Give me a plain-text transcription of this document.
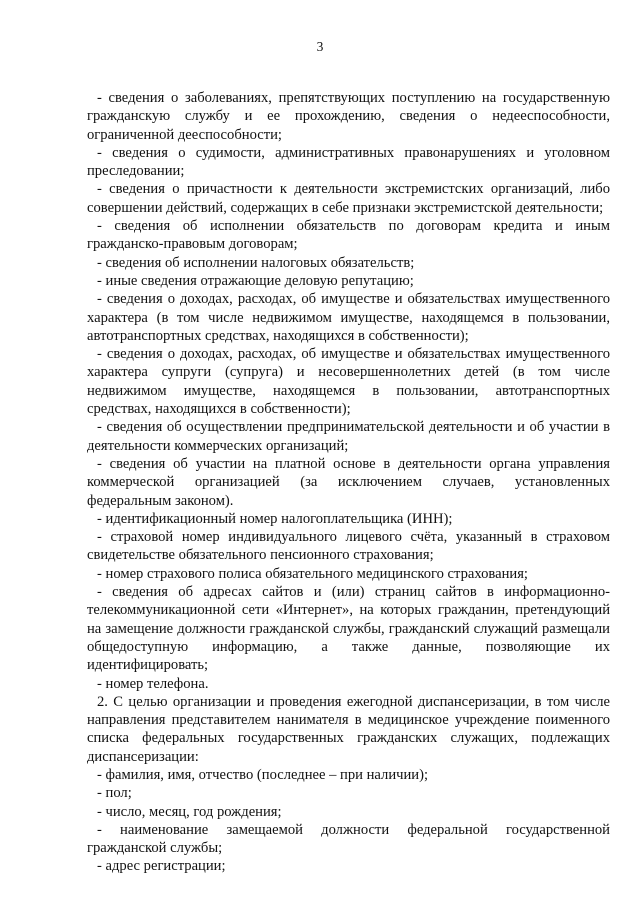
3

- сведения о заболеваниях, препятствующих поступлению на государственную гражданскую службу и ее прохождению, сведения о недееспособности, ограниченной дееспособности;

- сведения о судимости, административных правонарушениях и уголовном преследовании;

- сведения о причастности к деятельности экстремистских организаций, либо совершении действий, содержащих в себе признаки экстремистской деятельности;

- сведения об исполнении обязательств по договорам кредита и иным гражданско-правовым договорам;

- сведения об исполнении налоговых обязательств;

- иные сведения отражающие деловую репутацию;

- сведения о доходах, расходах, об имуществе и обязательствах имущественного характера (в том числе недвижимом имуществе, находящемся в пользовании, автотранспортных средствах, находящихся в собственности);

- сведения о доходах, расходах, об имуществе и обязательствах имущественного характера супруги (супруга) и несовершеннолетних детей (в том числе недвижимом имуществе, находящемся в пользовании, автотранспортных средствах, находящихся в собственности);

- сведения об осуществлении предпринимательской деятельности и об участии в деятельности коммерческих организаций;

- сведения об участии на платной основе в деятельности органа управления коммерческой организацией (за исключением случаев, установленных федеральным законом).

- идентификационный номер налогоплательщика (ИНН);

- страховой номер индивидуального лицевого счёта, указанный в страховом свидетельстве обязательного пенсионного страхования;

- номер страхового полиса обязательного медицинского страхования;

- сведения об адресах сайтов и (или) страниц сайтов в информационно-телекоммуникационной сети «Интернет», на которых гражданин, претендующий на замещение должности гражданской службы, гражданский служащий размещали общедоступную информацию, а также данные, позволяющие их идентифицировать;

- номер телефона.

2. С целью организации и проведения ежегодной диспансеризации, в том числе направления представителем нанимателя в медицинское учреждение поименного списка федеральных государственных гражданских служащих, подлежащих диспансеризации:

- фамилия, имя, отчество (последнее – при наличии);

- пол;

- число, месяц, год рождения;

- наименование замещаемой должности федеральной государственной гражданской службы;

- адрес регистрации;
